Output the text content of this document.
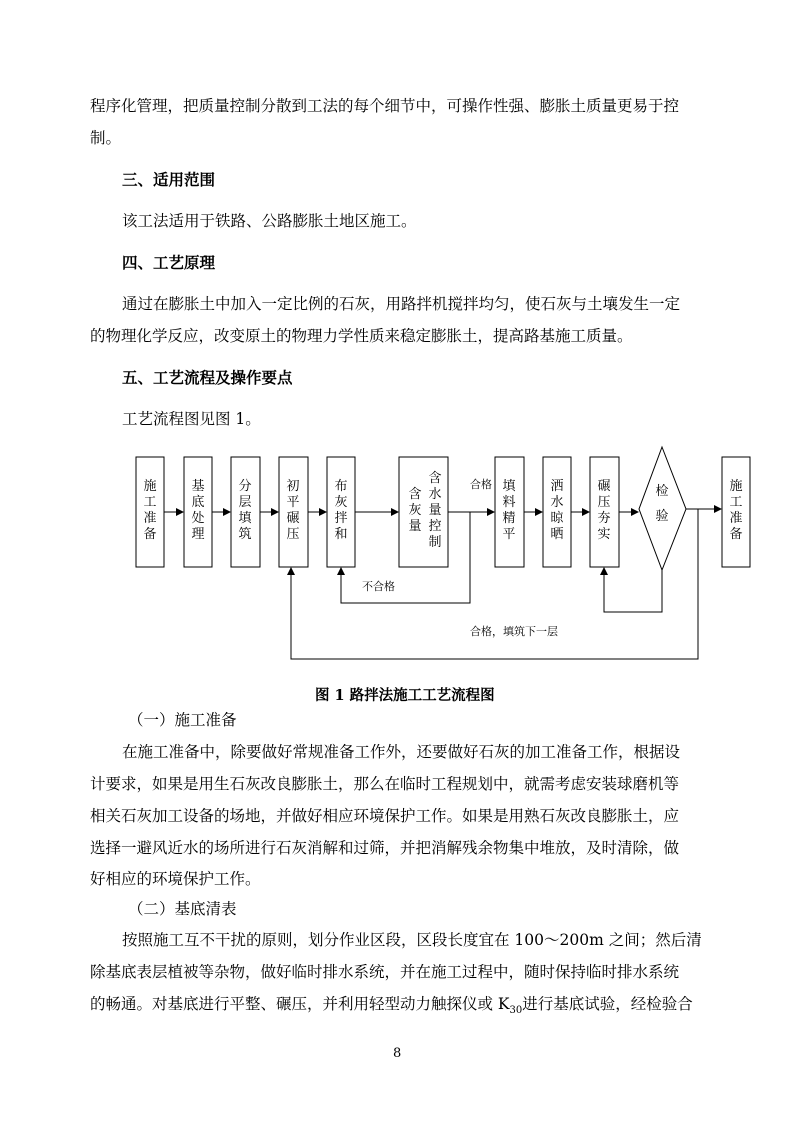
程序化管理，把质量控制分散到工法的每个细节中，可操作性强、膨胀土质量更易于控
制。
三、适用范围
该工法适用于铁路、公路膨胀土地区施工。
四、工艺原理
通过在膨胀土中加入一定比例的石灰，用路拌机搅拌均匀，使石灰与土壤发生一定
的物理化学反应，改变原土的物理力学性质来稳定膨胀土，提高路基施工质量。
五、工艺流程及操作要点
工艺流程图见图 1。
施
工
准
备
基
底
处
理
分
层
填
筑
初
平
碾
压
布
灰
拌
和
含
灰
量
含
水
量
控
制
填
料
精
平
洒
水
晾
晒
碾
压
夯
实
检
验
施
工
准
备
合格
不合格
合格，填筑下一层
图 1 路拌法施工工艺流程图
（一）施工准备
在施工准备中，除要做好常规准备工作外，还要做好石灰的加工准备工作，根据设
计要求，如果是用生石灰改良膨胀土，那么在临时工程规划中，就需考虑安装球磨机等
相关石灰加工设备的场地，并做好相应环境保护工作。如果是用熟石灰改良膨胀土，应
选择一避风近水的场所进行石灰消解和过筛，并把消解残余物集中堆放，及时清除，做
好相应的环境保护工作。
（二）基底清表
按照施工互不干扰的原则，划分作业区段，区段长度宜在 100～200m 之间；然后清
除基底表层植被等杂物，做好临时排水系统，并在施工过程中，随时保持临时排水系统
的畅通。对基底进行平整、碾压，并利用轻型动力触探仪或 $K_{30}$进行基底试验，经检验合
8
